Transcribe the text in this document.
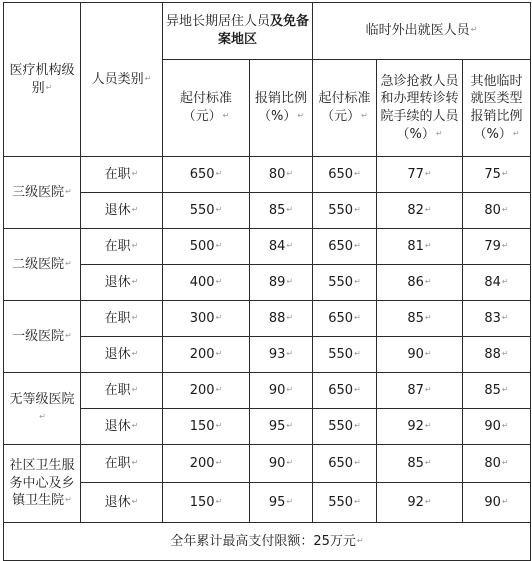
医疗机构级别↵	人员类别↵	异地长期居住人员及免备案地区		临时外出就医人员↵		
		起付标准（元）↵	报销比例（%）↵	起付标准（元）↵	急诊抢救人员和办理转诊转院手续的人员（%）↵	其他临时就医类型报销比例（%）↵
三级医院↵	在职↵	650↵	80↵	650↵	77↵	75↵
	退休↵	550↵	85↵	550↵	82↵	80↵
二级医院↵	在职↵	500↵	84↵	650↵	81↵	79↵
	退休↵	400↵	89↵	550↵	86↵	84↵
一级医院↵	在职↵	300↵	88↵	650↵	85↵	83↵
	退休↵	200↵	93↵	550↵	90↵	88↵
无等级医院↵	在职↵	200↵	90↵	650↵	87↵	85↵
	退休↵	150↵	95↵	550↵	92↵	90↵
社区卫生服务中心及乡镇卫生院↵	在职↵	200↵	90↵	650↵	85↵	80↵
	退休↵	150↵	95↵	550↵	92↵	90↵
全年累计最高支付限额：25万元↵						
